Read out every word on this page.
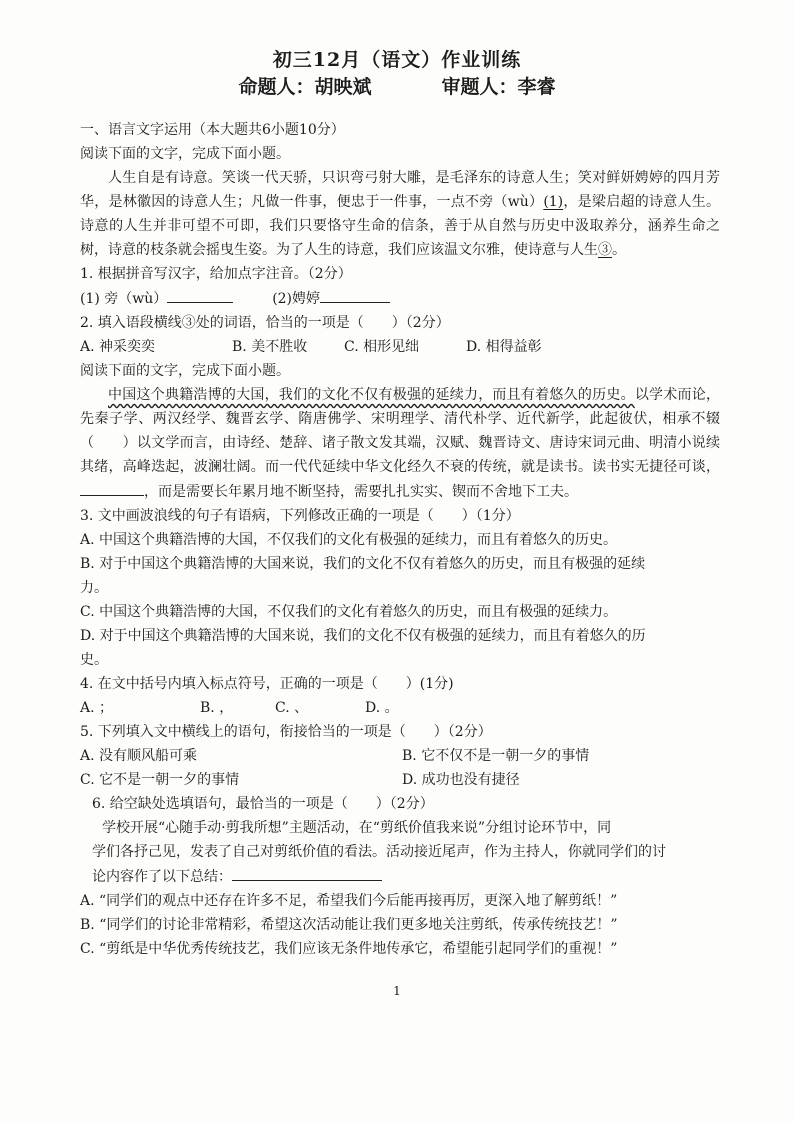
初三12月（语文）作业训练
命题人：胡映斌	审题人：李睿
一、语言文字运用（本大题共6小题10分）
阅读下面的文字，完成下面小题。
人生自是有诗意。笑谈一代天骄，只识弯弓射大雕，是毛泽东的诗意人生；笑对鲜妍娉婷的四月芳华，是林徽因的诗意人生；凡做一件事，便忠于一件事，一点不旁（wù）(1)，是梁启超的诗意人生。诗意的人生并非可望不可即，我们只要恪守生命的信条，善于从自然与历史中汲取养分，涵养生命之树，诗意的枝条就会摇曳生姿。为了人生的诗意，我们应该温文尔雅，使诗意与人生③。
1. 根据拼音写汉字，给加点字注音。（2分）
(1) 旁（wù）	(2)娉婷
2. 填入语段横线③处的词语，恰当的一项是（　　）（2分）
A. 神采奕奕	B. 美不胜收	C. 相形见绌	D. 相得益彰
阅读下面的文字，完成下面小题。
中国这个典籍浩博的大国，我们的文化不仅有极强的延续力，而且有着悠久的历史。以学术而论，先秦子学、两汉经学、魏晋玄学、隋唐佛学、宋明理学、清代朴学、近代新学，此起彼伏，相承不辍（　　）以文学而言，由诗经、楚辞、诸子散文发其端，汉赋、魏晋诗文、唐诗宋词元曲、明清小说续其绪，高峰迭起，波澜壮阔。而一代代延续中华文化经久不衰的传统，就是读书。读书实无捷径可谈，，而是需要长年累月地不断坚持，需要扎扎实实、锲而不舍地下工夫。
3. 文中画波浪线的句子有语病，下列修改正确的一项是（　　）（1分）
A. 中国这个典籍浩博的大国，不仅我们的文化有极强的延续力，而且有着悠久的历史。
B. 对于中国这个典籍浩博的大国来说，我们的文化不仅有着悠久的历史，而且有极强的延续
力。
C. 中国这个典籍浩博的大国，不仅我们的文化有着悠久的历史，而且有极强的延续力。
D. 对于中国这个典籍浩博的大国来说，我们的文化不仅有极强的延续力，而且有着悠久的历
史。
4. 在文中括号内填入标点符号，正确的一项是（　　）(1分)
A. ；	B. ，	C. 、	D. 。
5. 下列填入文中横线上的语句，衔接恰当的一项是（　　）（2分）
A. 没有顺风船可乘	B. 它不仅不是一朝一夕的事情
C. 它不是一朝一夕的事情	D. 成功也没有捷径
6. 给空缺处选填语句，最恰当的一项是（　　）（2分）
学校开展“心随手动·剪我所想”主题活动，在“剪纸价值我来说”分组讨论环节中，同
学们各抒己见，发表了自己对剪纸价值的看法。活动接近尾声，作为主持人，你就同学们的讨
论内容作了以下总结：
A. “同学们的观点中还存在许多不足，希望我们今后能再接再厉，更深入地了解剪纸！”
B. “同学们的讨论非常精彩，希望这次活动能让我们更多地关注剪纸，传承传统技艺！”
C. “剪纸是中华优秀传统技艺，我们应该无条件地传承它，希望能引起同学们的重视！”
1
